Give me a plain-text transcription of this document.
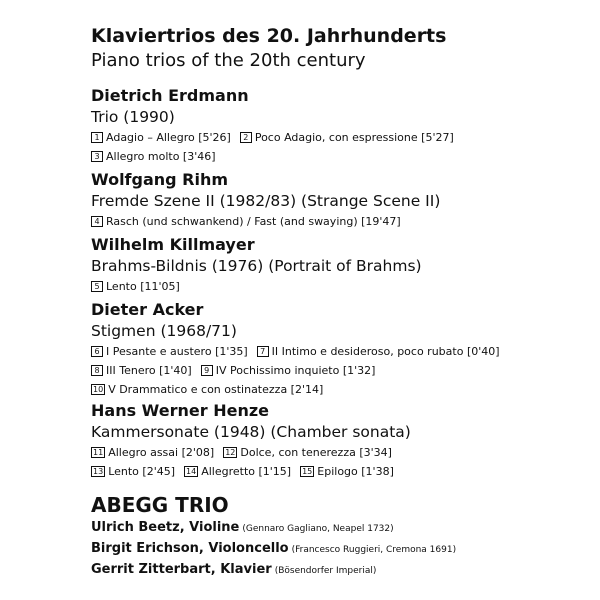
Klaviertrios des 20. Jahrhunderts
Piano trios of the 20th century
Dietrich Erdmann
Trio (1990)
1 Adagio – Allegro [5'26] 2 Poco Adagio, con espressione [5'27]
3 Allegro molto [3'46]
Wolfgang Rihm
Fremde Szene II (1982/83) (Strange Scene II)
4 Rasch (und schwankend) / Fast (and swaying) [19'47]
Wilhelm Killmayer
Brahms-Bildnis (1976) (Portrait of Brahms)
5 Lento [11'05]
Dieter Acker
Stigmen (1968/71)
6 I Pesante e austero [1'35] 7 II Intimo e desideroso, poco rubato [0'40]
8 III Tenero [1'40] 9 IV Pochissimo inquieto [1'32]
10 V Drammatico e con ostinatezza [2'14]
Hans Werner Henze
Kammersonate (1948) (Chamber sonata)
11 Allegro assai [2'08] 12 Dolce, con tenerezza [3'34]
13 Lento [2'45] 14 Allegretto [1'15] 15 Epilogo [1'38]
ABEGG TRIO
Ulrich Beetz, Violine (Gennaro Gagliano, Neapel 1732)
Birgit Erichson, Violoncello (Francesco Ruggieri, Cremona 1691)
Gerrit Zitterbart, Klavier (Bösendorfer Imperial)
